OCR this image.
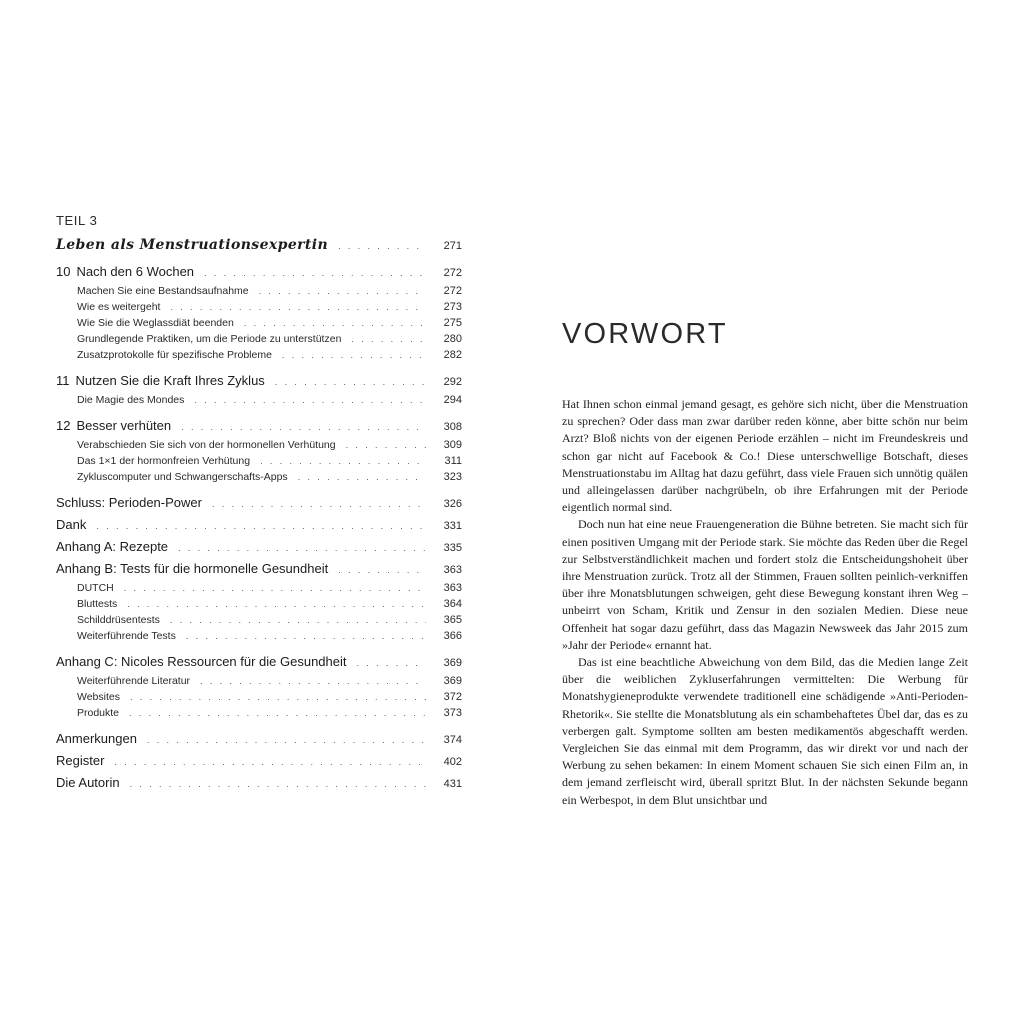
TEIL 3
Leben als Menstruationsexpertin . . .	271
10 Nach den 6 Wochen . . .	272
Machen Sie eine Bestandsaufnahme . . .	272
Wie es weitergeht . . .	273
Wie Sie die Weglassdiät beenden . . .	275
Grundlegende Praktiken, um die Periode zu unterstützen . . .	280
Zusatzprotokolle für spezifische Probleme . . .	282
11 Nutzen Sie die Kraft Ihres Zyklus . . .	292
Die Magie des Mondes . . .	294
12 Besser verhüten . . .	308
Verabschieden Sie sich von der hormonellen Verhütung . . .	309
Das 1×1 der hormonfreien Verhütung . . .	311
Zykluscomputer und Schwangerschafts-Apps . . .	323
Schluss: Perioden-Power . . .	326
Dank . . .	331
Anhang A: Rezepte . . .	335
Anhang B: Tests für die hormonelle Gesundheit . . .	363
DUTCH . . .	363
Bluttests . . .	364
Schilddrüsentests . . .	365
Weiterführende Tests . . .	366
Anhang C: Nicoles Ressourcen für die Gesundheit . . .	369
Weiterführende Literatur . . .	369
Websites . . .	372
Produkte . . .	373
Anmerkungen . . .	374
Register . . .	402
Die Autorin . . .	431
VORWORT

Hat Ihnen schon einmal jemand gesagt, es gehöre sich nicht, über die Menstruation zu sprechen? Oder dass man zwar darüber reden könne, aber bitte schön nur beim Arzt? Bloß nichts von der eigenen Periode erzählen – nicht im Freundeskreis und schon gar nicht auf Facebook & Co.! Diese unterschwellige Botschaft, dieses Menstruationstabu im Alltag hat dazu geführt, dass viele Frauen sich unnötig quälen und alleingelassen darüber nachgrübeln, ob ihre Erfahrungen mit der Periode eigentlich normal sind.

Doch nun hat eine neue Frauengeneration die Bühne betreten. Sie macht sich für einen positiven Umgang mit der Periode stark. Sie möchte das Reden über die Regel zur Selbstverständlichkeit machen und fordert stolz die Entscheidungshoheit über ihre Menstruation zurück. Trotz all der Stimmen, Frauen sollten peinlich-verkniffen über ihre Monatsblutungen schweigen, geht diese Bewegung konstant ihren Weg – unbeirrt von Scham, Kritik und Zensur in den sozialen Medien. Diese neue Offenheit hat sogar dazu geführt, dass das Magazin Newsweek das Jahr 2015 zum »Jahr der Periode« ernannt hat.

Das ist eine beachtliche Abweichung von dem Bild, das die Medien lange Zeit über die weiblichen Zykluserfahrungen vermittelten: Die Werbung für Monatshygieneprodukte verwendete traditionell eine schädigende »Anti-Perioden-Rhetorik«. Sie stellte die Monatsblutung als ein schambehaftetes Übel dar, das es zu verbergen galt. Symptome sollten am besten medikamentös abgeschafft werden. Vergleichen Sie das einmal mit dem Programm, das wir direkt vor und nach der Werbung zu sehen bekamen: In einem Moment schauen Sie sich einen Film an, in dem jemand zerfleischt wird, überall spritzt Blut. In der nächsten Sekunde begann ein Werbespot, in dem Blut unsichtbar und
